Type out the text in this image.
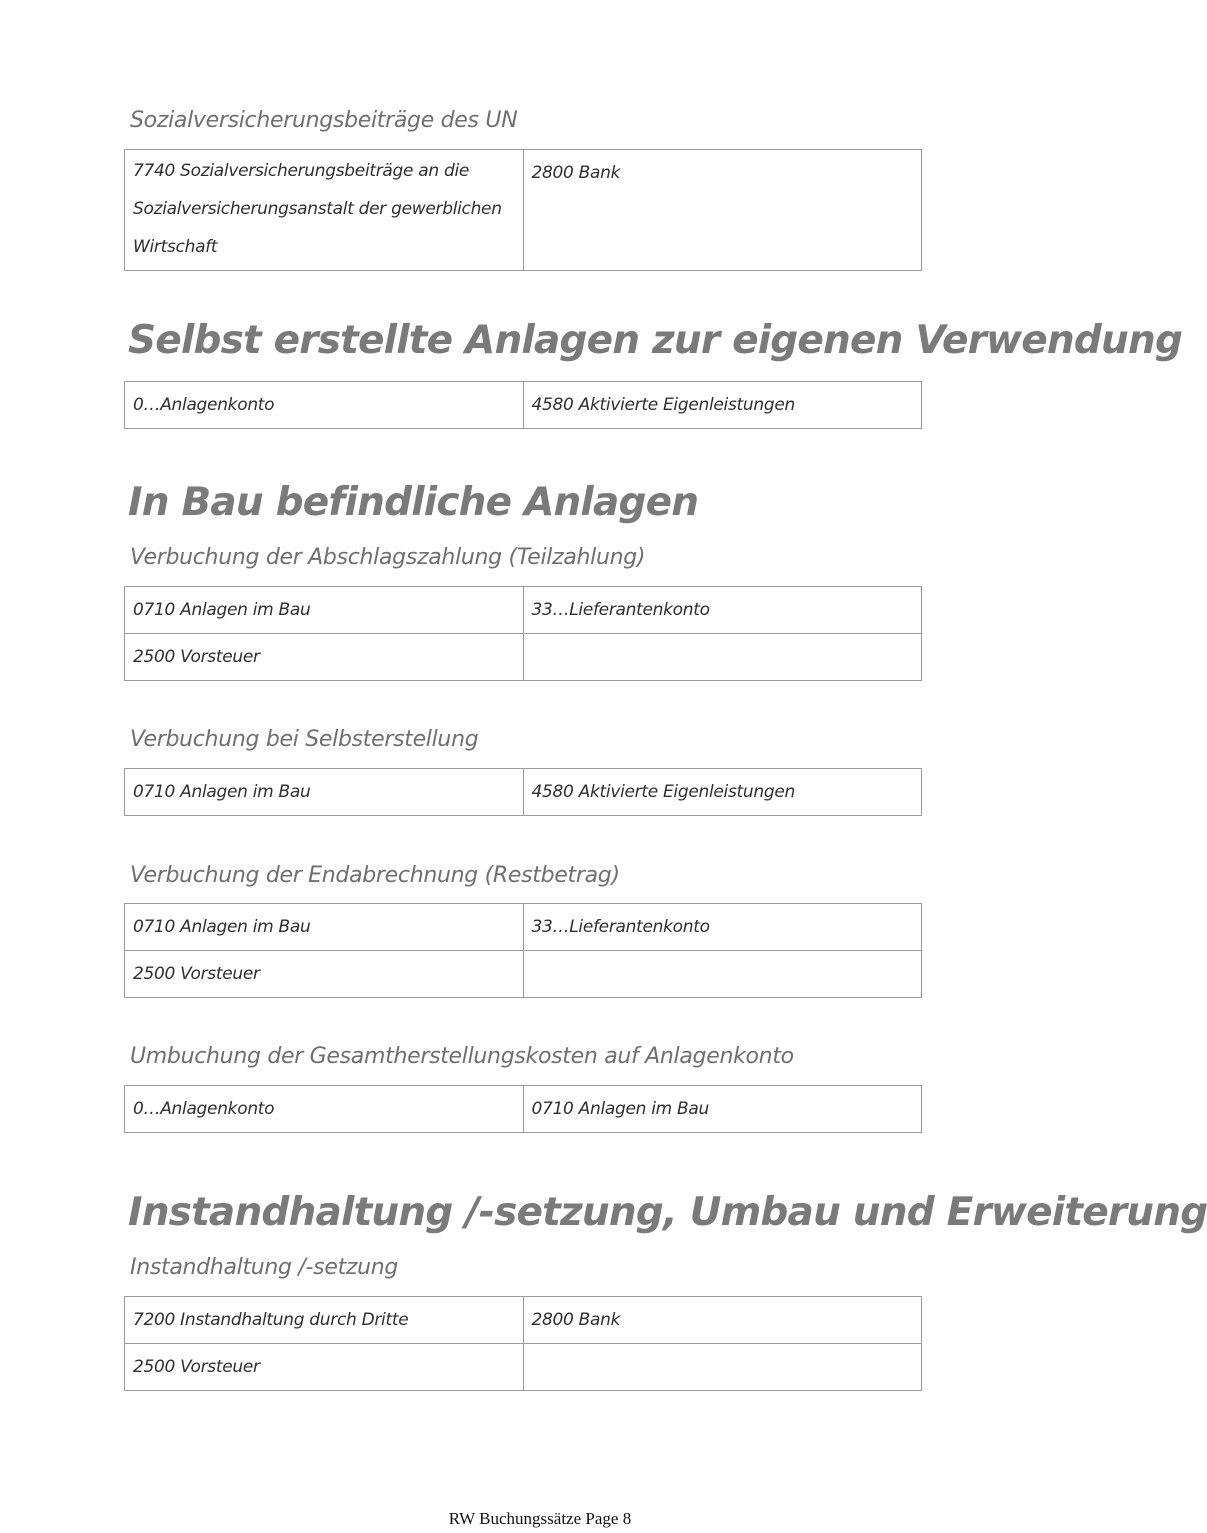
Sozialversicherungsbeiträge des UN
7740 Sozialversicherungsbeiträge an die
Sozialversicherungsanstalt der gewerblichen
Wirtschaft
	2800 Bank
Selbst erstellte Anlagen zur eigenen Verwendung
0…Anlagenkonto	4580 Aktivierte Eigenleistungen
In Bau befindliche Anlagen
Verbuchung der Abschlagszahlung (Teilzahlung)
0710 Anlagen im Bau	33…Lieferantenkonto
2500 Vorsteuer	
Verbuchung bei Selbsterstellung
0710 Anlagen im Bau	4580 Aktivierte Eigenleistungen
Verbuchung der Endabrechnung (Restbetrag)
0710 Anlagen im Bau	33…Lieferantenkonto
2500 Vorsteuer	
Umbuchung der Gesamtherstellungskosten auf Anlagenkonto
0…Anlagenkonto	0710 Anlagen im Bau
Instandhaltung /-setzung, Umbau und Erweiterung
Instandhaltung /-setzung
7200 Instandhaltung durch Dritte	2800 Bank
2500 Vorsteuer	
RW Buchungssätze Page 8
